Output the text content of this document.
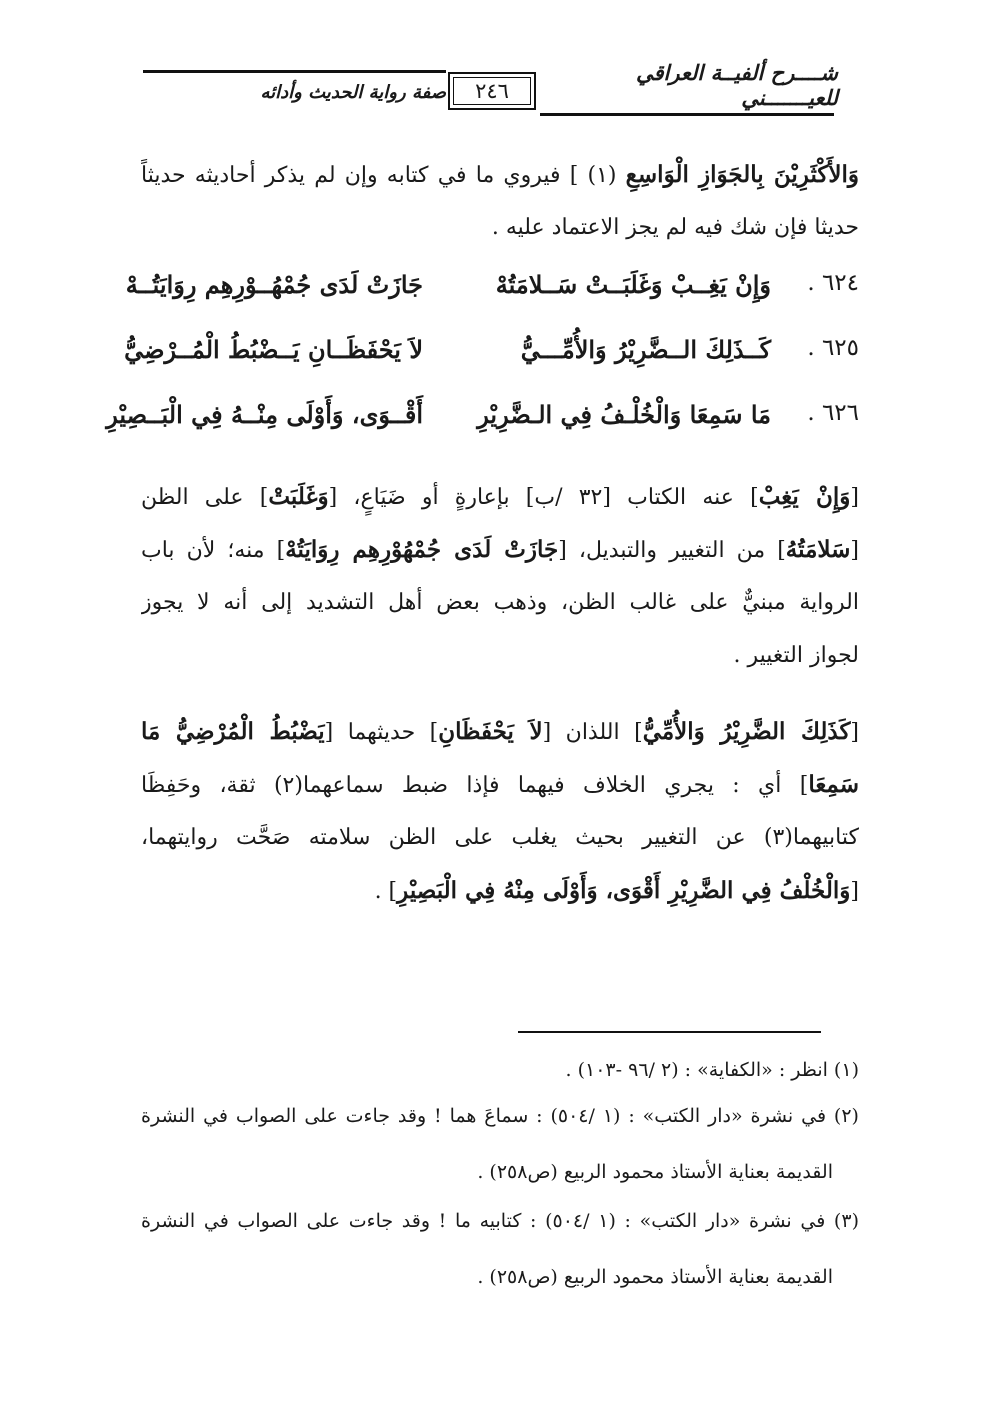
شــــرح ألفيــة العراقي للعيـــــــني
٢٤٦
صفة رواية الحديث وأدائه
وَالأَكْثَرِيْنَ بِالجَوَازِ الْوَاسِعِ (١) ] فيروي ما في كتابه وإن لم يذكر أحاديثه حديثاً
حديثا فإن شك فيه لم يجز الاعتماد عليه .
٦٢٤ .
وَإِنْ يَغِــبْ وَغَلَبَــتْ سَــلامَتُهْ
جَازَتْ لَدَى جُمْهُــوْرِهِم رِوَايَتُــهْ
٦٢٥ .
كَــذَلِكَ الــضَّرِيْرُ وَالأُمِّـــيُّ
لاَ يَحْفَظَــانِ يَــضْبُطُ الْمُــرْضِيُّ
٦٢٦ .
مَا سَمِعَا وَالْخُلْـفُ فِي الـضَّرِيْرِ
أَقْــوَى، وَأَوْلَى مِنْــهُ فِي الْبَــصِيْرِ
[وَإِنْ يَغِبْ] عنه الكتاب [٣٢ /ب] بإعارةٍ أو ضَيَاعٍ، [وَغَلَبَتْ] على الظن
[سَلامَتُهُ] من التغيير والتبديل، [جَازَتْ لَدَى جُمْهُوْرِهِم رِوَايَتُهْ] منه؛ لأن باب
الرواية مبنيٌّ على غالب الظن، وذهب بعض أهل التشديد إلى أنه لا يجوز
لجواز التغيير .
[كَذَلِكَ الضَّرِيْرُ وَالأُمِّيُّ] اللذان [لاَ يَحْفَظَانِ] حديثهما [يَضْبُطُ الْمُرْضِيُّ مَا
سَمِعَا] أي : يجري الخلاف فيهما فإذا ضبط سماعهما(٢) ثقة، وحَفِظَا
كتابيهما(٣) عن التغيير بحيث يغلب على الظن سلامته صَحَّت روايتهما،
[وَالْخُلْفُ فِي الضَّرِيْرِ أَقْوَى، وَأَوْلَى مِنْهُ فِي الْبَصِيْرِ] .
(١) انظر : «الكفاية» : (٢ /٩٦ -١٠٣) .
(٢) في نشرة «دار الكتب» : (١ /٥٠٤) : سماعَ هما ! وقد جاءت على الصواب في النشرة
القديمة بعناية الأستاذ محمود الربيع (ص٢٥٨) .
(٣) في نشرة «دار الكتب» : (١ /٥٠٤) : كتابيه ما ! وقد جاءت على الصواب في النشرة
القديمة بعناية الأستاذ محمود الربيع (ص٢٥٨) .
